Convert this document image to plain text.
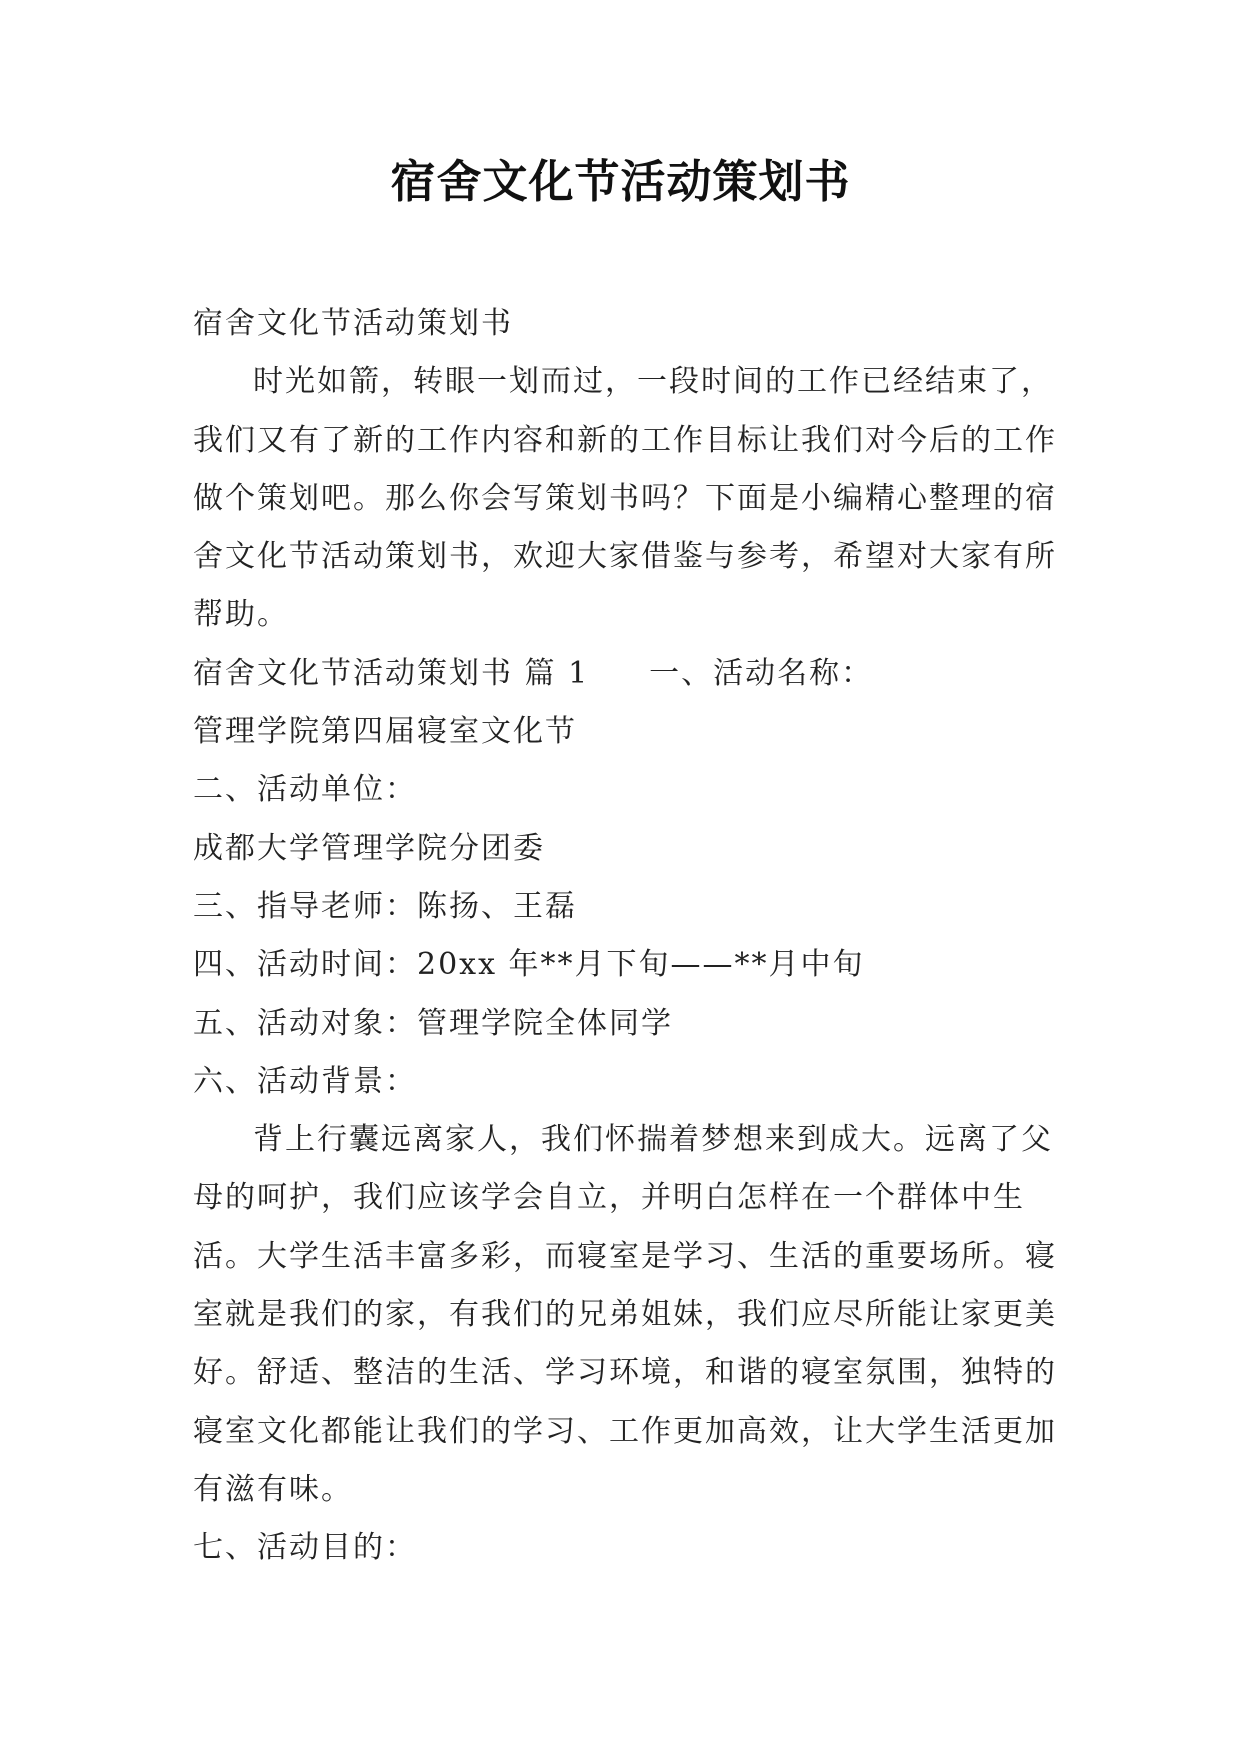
宿舍文化节活动策划书

宿舍文化节活动策划书

时光如箭，转眼一划而过，一段时间的工作已经结束了，我们又有了新的工作内容和新的工作目标让我们对今后的工作做个策划吧。那么你会写策划书吗？下面是小编精心整理的宿舍文化节活动策划书，欢迎大家借鉴与参考，希望对大家有所帮助。

宿舍文化节活动策划书 篇 1 一、活动名称：

管理学院第四届寝室文化节

二、活动单位：

成都大学管理学院分团委

三、指导老师：陈扬、王磊

四、活动时间：20xx 年**月下旬——**月中旬

五、活动对象：管理学院全体同学

六、活动背景：

背上行囊远离家人，我们怀揣着梦想来到成大。远离了父母的呵护，我们应该学会自立，并明白怎样在一个群体中生活。大学生活丰富多彩，而寝室是学习、生活的重要场所。寝室就是我们的家，有我们的兄弟姐妹，我们应尽所能让家更美好。舒适、整洁的生活、学习环境，和谐的寝室氛围，独特的寝室文化都能让我们的学习、工作更加高效，让大学生活更加有滋有味。

七、活动目的：
